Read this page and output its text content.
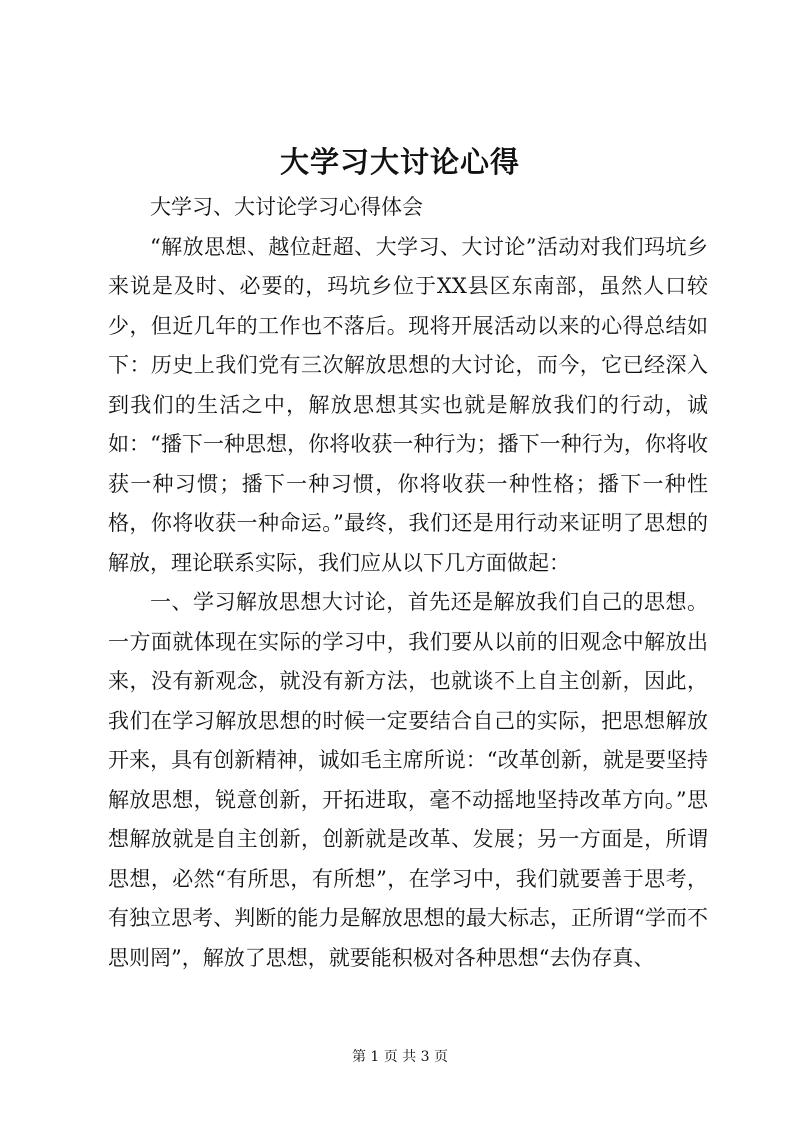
大学习大讨论心得

大学习、大讨论学习心得体会

“解放思想、越位赶超、大学习、大讨论”活动对我们玛坑乡来说是及时、必要的，玛坑乡位于XX县区东南部，虽然人口较少，但近几年的工作也不落后。现将开展活动以来的心得总结如下：历史上我们党有三次解放思想的大讨论，而今，它已经深入到我们的生活之中，解放思想其实也就是解放我们的行动，诚如：“播下一种思想，你将收获一种行为；播下一种行为，你将收获一种习惯；播下一种习惯，你将收获一种性格；播下一种性格，你将收获一种命运。”最终，我们还是用行动来证明了思想的解放，理论联系实际，我们应从以下几方面做起：

一、学习解放思想大讨论，首先还是解放我们自己的思想。一方面就体现在实际的学习中，我们要从以前的旧观念中解放出来，没有新观念，就没有新方法，也就谈不上自主创新，因此，我们在学习解放思想的时候一定要结合自己的实际，把思想解放开来，具有创新精神，诚如毛主席所说：“改革创新，就是要坚持解放思想，锐意创新，开拓进取，毫不动摇地坚持改革方向。”思想解放就是自主创新，创新就是改革、发展；另一方面是，所谓思想，必然“有所思，有所想”，在学习中，我们就要善于思考，有独立思考、判断的能力是解放思想的最大标志，正所谓“学而不思则罔”，解放了思想，就要能积极对各种思想“去伪存真、

第 1 页 共 3 页
